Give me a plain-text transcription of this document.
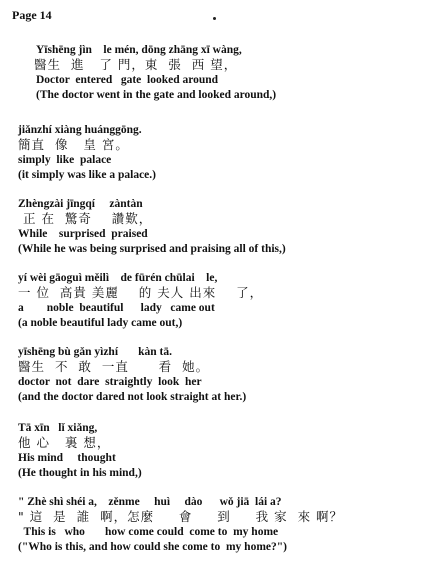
Page 14
Yīshēng jìn    le mén, dōng zhāng xī wàng,
醫生  進   了 門，東  張  西 望，
Doctor  entered   gate  looked around
(The doctor went in the gate and looked around,)
jiǎnzhí xiàng huánggōng.
簡直  像   皇 宮。
simply  like  palace
(it simply was like a palace.)
Zhèngzài jīngqí     zàntàn
正 在  驚奇    讚歎，
While    surprised  praised
(While he was being surprised and praising all of this,)
yí wèi gāoguì měilì    de fūrén chūlai    le,
一 位  高貴 美麗    的 夫人 出來    了，
a        noble  beautiful      lady   came out
(a noble beautiful lady came out,)
yīshēng bù gǎn yìzhí       kàn tā.
醫生  不  敢  一直      看  她。
doctor  not  dare  straightly  look  her
(and the doctor dared not look straight at her.)
Tā xīn   lǐ xiǎng,
他 心   裏 想，
His mind     thought
(He thought in his mind,)
" Zhè shì shéi a,    zěnme     huì     dào      wǒ jiā  lái a?
" 這  是  誰  啊，怎麼     會     到     我 家  來 啊？
This is   who       how come could  come to  my home
("Who is this, and how could she come to  my home?")
